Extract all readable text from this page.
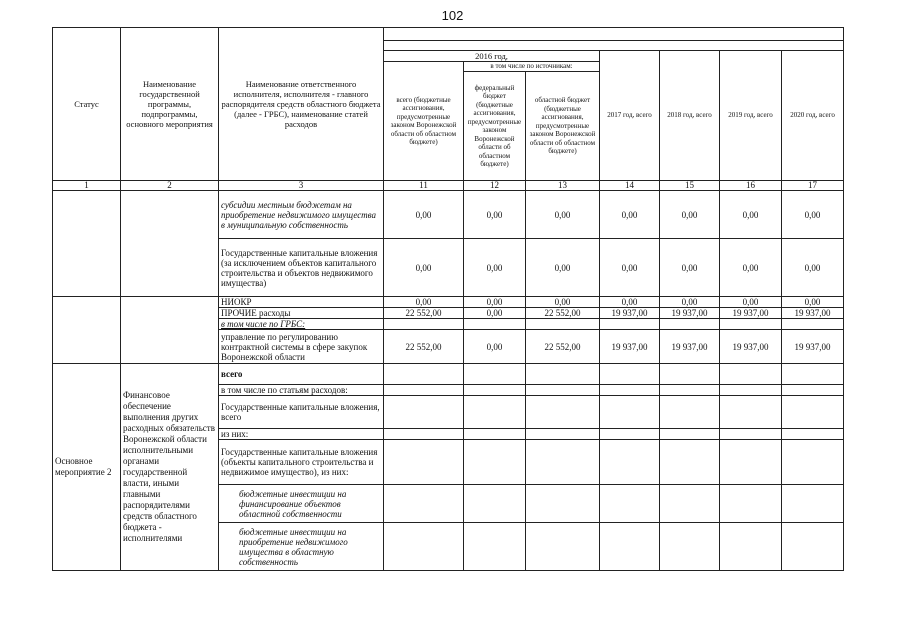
102
Статус	Наименование государственной программы, подпрограммы, основного мероприятия	Наименование ответственного исполнителя, исполнителя - главного распорядителя средств областного бюджета (далее - ГРБС), наименование статей расходов							

			2016 год,			2017 год, всего	2018 год, всего	2019 год, всего	2020 год, всего
			всего (бюджетные ассигнования, предусмотренные законом Воронежской области об областном бюджете)	в том числе по источникам:					
				федеральный бюджет (бюджетные ассигнования, предусмотренные законом Воронежской области об областном бюджете)	областной бюджет (бюджетные ассигнования, предусмотренные законом Воронежской области об областном бюджете)				
1	2	3	11	12	13	14	15	16	17
		субсидии местным бюджетам на приобретение недвижимого имущества в муниципальную собственность	0,00	0,00	0,00	0,00	0,00	0,00	0,00
		Государственные капитальные вложения (за исключением объектов капитального строительства и объектов недвижимого имущества)	0,00	0,00	0,00	0,00	0,00	0,00	0,00
		НИОКР	0,00	0,00	0,00	0,00	0,00	0,00	0,00
		ПРОЧИЕ расходы	22 552,00	0,00	22 552,00	19 937,00	19 937,00	19 937,00	19 937,00
		в том числе по ГРБС:							
		управление по регулированию контрактной системы в сфере закупок Воронежской области	22 552,00	0,00	22 552,00	19 937,00	19 937,00	19 937,00	19 937,00
Основное мероприятие 2	Финансовое обеспечение выполнения других расходных обязательств Воронежской области исполнительными органами государственной власти, иными главными распорядителями средств областного бюджета - исполнителями	всего							
		в том числе по статьям расходов:							
		Государственные капитальные вложения, всего							
		из них:							
		Государственные капитальные вложения (объекты капитального строительства и недвижимое имущество), из них:							
		бюджетные инвестиции на финансирование объектов областной собственности							
		бюджетные инвестиции на приобретение недвижимого имущества в областную собственность							
